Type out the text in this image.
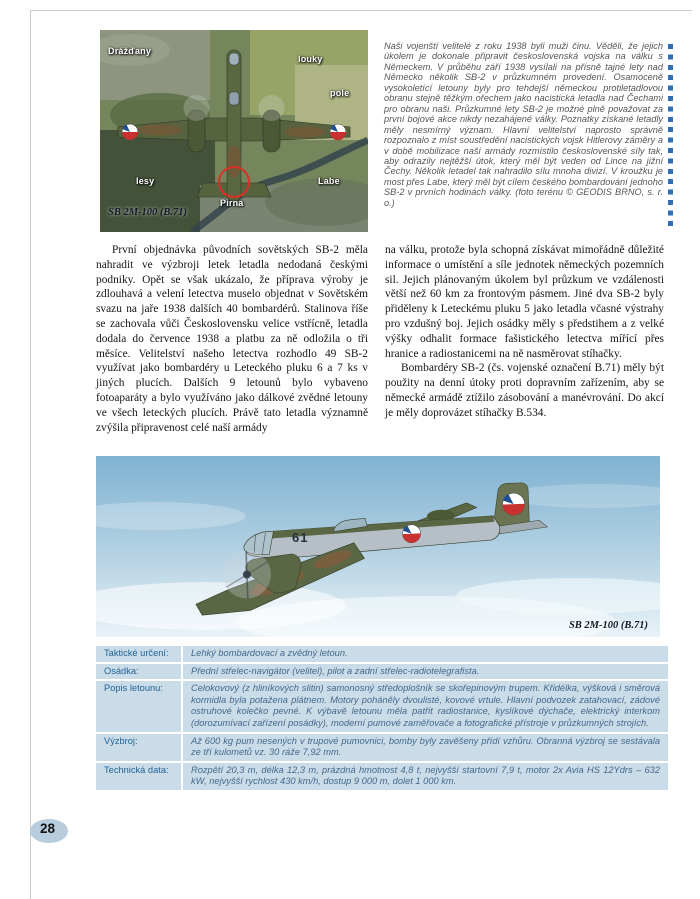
Drážďany
louky
pole
lesy	Labe
Pirna
SB 2M-100 (B.71)
Naši vojenští velitelé z roku 1938 byli muži činu. Věděli, že jejich úkolem je dokonale připravit československá vojska na válku s Německem. V průběhu září 1938 vysílali na přísně tajné lety nad Německo několik SB-2 v průzkumném provedení. Osamoceně vysokoletící letouny byly pro tehdejší německou protiletadlovou obranu stejně těžkým ořechem jako nacistická letadla nad Čechami pro obranu naši. Průzkumné lety SB-2 je možné plně považovat za první bojové akce nikdy nezahájené války. Poznatky získané letadly měly nesmírný význam. Hlavní velitelství naprosto správně rozpoznalo z míst soustředění nacistických vojsk Hitlerovy záměry a v době mobilizace naší armády rozmístilo československé síly tak, aby odrazily nejtěžší útok, který měl být veden od Lince na jižní Čechy. Několik letadel tak nahradilo sílu mnoha divizí. V kroužku je most přes Labe, který měl být cílem českého bombardování jednoho SB-2 v prvních hodinách války. (foto terénu © GEODIS BRNO, s. r. o.)

První objednávka původních sovětských SB-2 měla nahradit ve výzbroji letek letadla nedodaná českými podniky. Opět se však ukázalo, že příprava výroby je zdlouhavá a velení letectva muselo objednat v Sovětském svazu na jaře 1938 dalších 40 bombardérů. Stalinova říše se zachovala vůči Československu velice vstřícně, letadla dodala do července 1938 a platbu za ně odložila o tři měsíce. Velitelství našeho letectva rozhodlo 49 SB-2 využívat jako bombardéry u Leteckého pluku 6 a 7 ks v jiných plucích. Dalších 9 letounů bylo vybaveno fotoaparáty a bylo využíváno jako dálkové zvědné letouny ve všech leteckých plucích. Právě tato letadla významně zvýšila připravenost celé naší armády

na válku, protože byla schopná získávat mimořádně důležité informace o umístění a síle jednotek německých pozemních sil. Jejich plánovaným úkolem byl průzkum ve vzdálenosti větší než 60 km za frontovým pásmem. Jiné dva SB-2 byly přiděleny k Leteckému pluku 5 jako letadla včasné výstrahy pro vzdušný boj. Jejich osádky měly s předstihem a z velké výšky odhalit formace fašistického letectva mířící přes hranice a radiostanicemi na ně nasměrovat stíhačky.

Bombardéry SB-2 (čs. vojenské označení B.71) měly být použity na denní útoky proti dopravním zařízením, aby se německé armádě ztížilo zásobování a manévrování. Do akcí je měly doprovázet stíhačky B.534.

61
SB 2M-100 (B.71)
Taktické určení:	Lehký bombardovací a zvědný letoun.
Osádka:	Přední střelec-navigátor (velitel), pilot a zadní střelec-radiotelegrafista.
Popis letounu:	Celokovový (z hliníkových slitin) samonosný středoplošník se skořepinovým trupem. Křidélka, výšková i směrová kormidla byla potažena plátnem. Motory poháněly dvoulisté, kovové vrtule. Hlavní podvozek zatahovací, zádové ostruhové kolečko pevné. K výbavě letounu měla patřit radiostanice, kyslíkové dýchače, elektrický interkom (dorozumívací zařízení posádky), moderní pumové zaměřovače a fotografické přístroje v průzkumných strojích.
Výzbroj:	Až 600 kg pum nesených v trupové pumovnici, bomby byly zavěšeny přídí vzhůru. Obranná výzbroj se sestávala ze tří kulometů vz. 30 ráže 7,92 mm.
Technická data:	Rozpětí 20,3 m, délka 12,3 m, prázdná hmotnost 4,8 t, nejvyšší startovní 7,9 t, motor 2x Avia HS 12Ydrs – 632 kW, nejvyšší rychlost 430 km/h, dostup 9 000 m, dolet 1 000 km.
28
